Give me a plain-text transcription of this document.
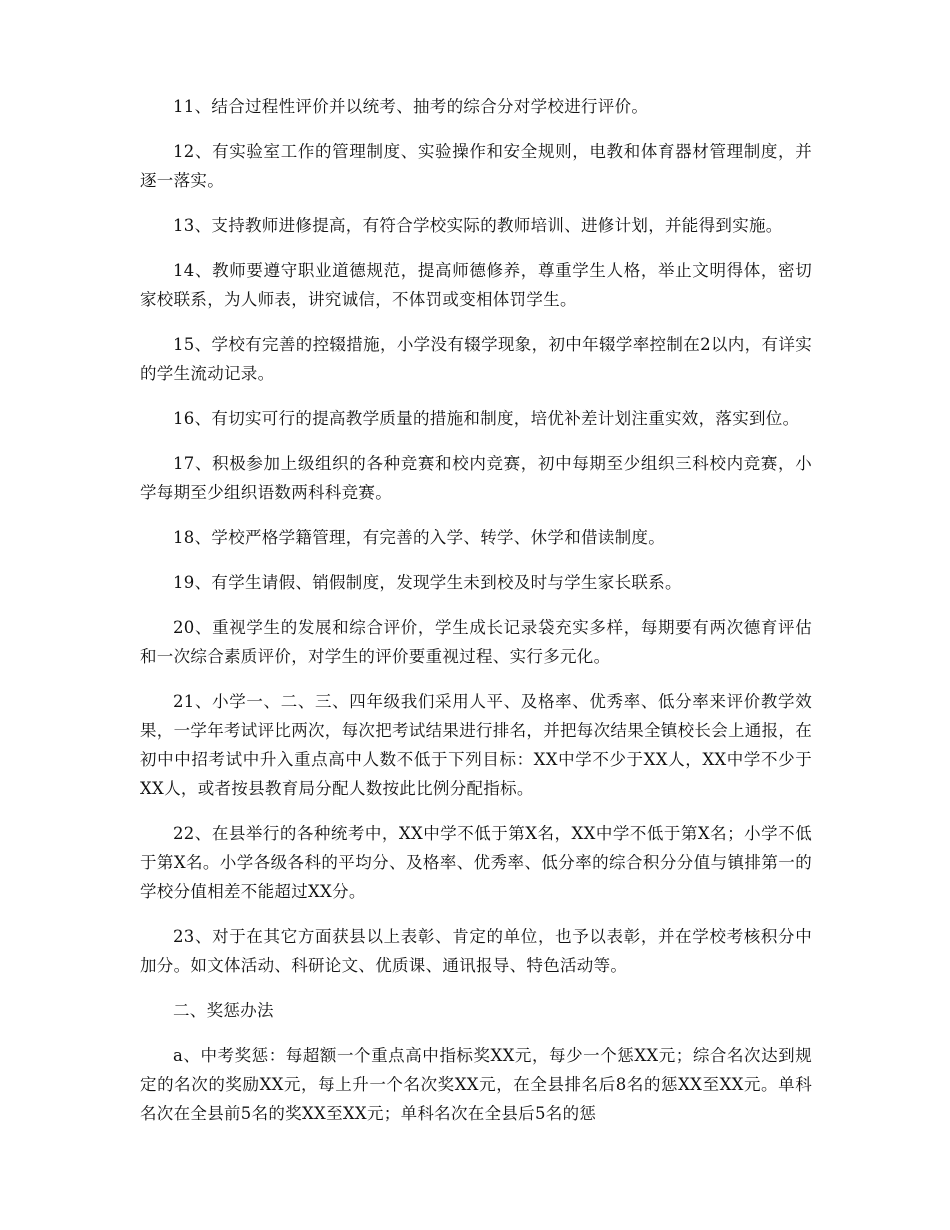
11、结合过程性评价并以统考、抽考的综合分对学校进行评价。

12、有实验室工作的管理制度、实验操作和安全规则，电教和体育器材管理制度，并逐一落实。

13、支持教师进修提高，有符合学校实际的教师培训、进修计划，并能得到实施。

14、教师要遵守职业道德规范，提高师德修养，尊重学生人格，举止文明得体，密切家校联系，为人师表，讲究诚信，不体罚或变相体罚学生。

15、学校有完善的控辍措施，小学没有辍学现象，初中年辍学率控制在2以内，有详实的学生流动记录。

16、有切实可行的提高教学质量的措施和制度，培优补差计划注重实效，落实到位。

17、积极参加上级组织的各种竞赛和校内竞赛，初中每期至少组织三科校内竞赛，小学每期至少组织语数两科科竞赛。

18、学校严格学籍管理，有完善的入学、转学、休学和借读制度。

19、有学生请假、销假制度，发现学生未到校及时与学生家长联系。

20、重视学生的发展和综合评价，学生成长记录袋充实多样，每期要有两次德育评估和一次综合素质评价，对学生的评价要重视过程、实行多元化。

21、小学一、二、三、四年级我们采用人平、及格率、优秀率、低分率来评价教学效果，一学年考试评比两次，每次把考试结果进行排名，并把每次结果全镇校长会上通报，在初中中招考试中升入重点高中人数不低于下列目标：XX中学不少于XX人，XX中学不少于XX人，或者按县教育局分配人数按此比例分配指标。

22、在县举行的各种统考中，XX中学不低于第X名，XX中学不低于第X名；小学不低于第X名。小学各级各科的平均分、及格率、优秀率、低分率的综合积分分值与镇排第一的学校分值相差不能超过XX分。

23、对于在其它方面获县以上表彰、肯定的单位，也予以表彰，并在学校考核积分中加分。如文体活动、科研论文、优质课、通讯报导、特色活动等。

二、奖惩办法

a、中考奖惩：每超额一个重点高中指标奖XX元，每少一个惩XX元；综合名次达到规定的名次的奖励XX元，每上升一个名次奖XX元，在全县排名后8名的惩XX至XX元。单科名次在全县前5名的奖XX至XX元；单科名次在全县后5名的惩
